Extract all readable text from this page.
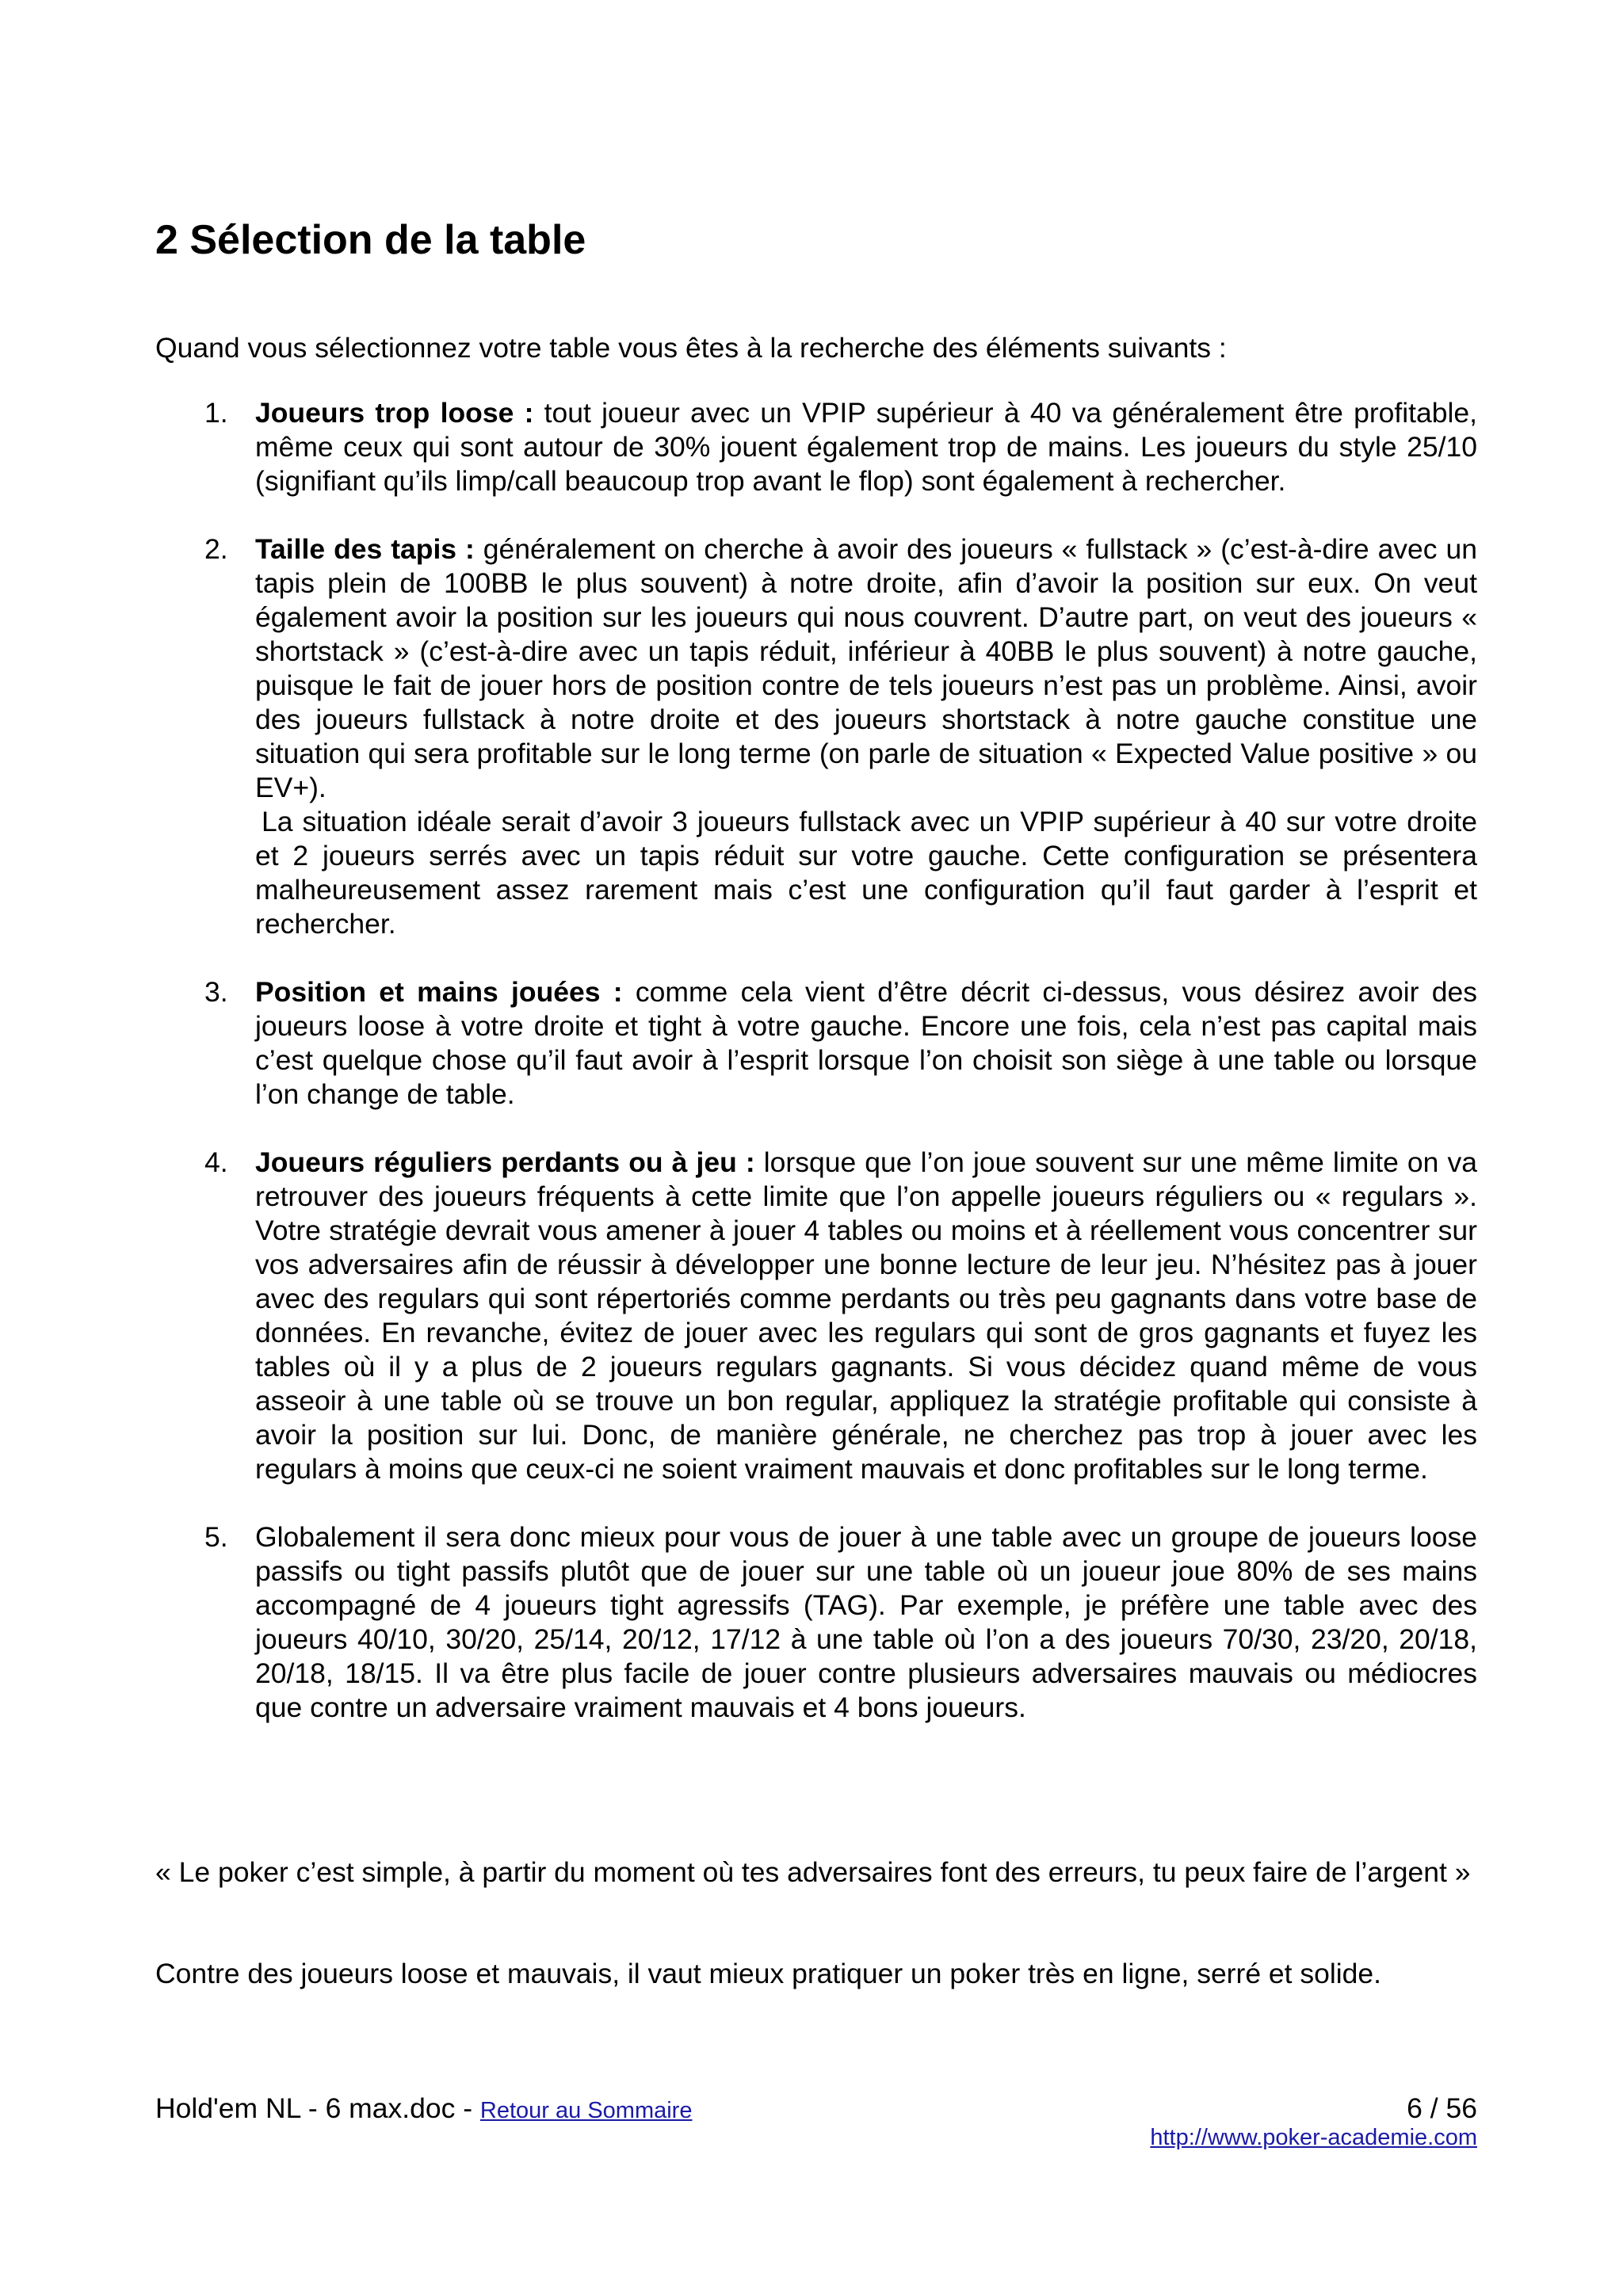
2 Sélection de la table

Quand vous sélectionnez votre table vous êtes à la recherche des éléments suivants :

1. Joueurs trop loose : tout joueur avec un VPIP supérieur à 40 va généralement être profitable, même ceux qui sont autour de 30% jouent également trop de mains. Les joueurs du style 25/10 (signifiant qu’ils limp/call beaucoup trop avant le flop) sont également à rechercher.
2. Taille des tapis : généralement on cherche à avoir des joueurs « fullstack » (c’est-à-dire avec un tapis plein de 100BB le plus souvent) à notre droite, afin d’avoir la position sur eux. On veut également avoir la position sur les joueurs qui nous couvrent. D’autre part, on veut des joueurs « shortstack » (c’est-à-dire avec un tapis réduit, inférieur à 40BB le plus souvent) à notre gauche, puisque le fait de jouer hors de position contre de tels joueurs n’est pas un problème. Ainsi, avoir des joueurs fullstack à notre droite et des joueurs shortstack à notre gauche constitue une situation qui sera profitable sur le long terme (on parle de situation « Expected Value positive » ou EV+).
La situation idéale serait d’avoir 3 joueurs fullstack avec un VPIP supérieur à 40 sur votre droite et 2 joueurs serrés avec un tapis réduit sur votre gauche. Cette configuration se présentera malheureusement assez rarement mais c’est une configuration qu’il faut garder à l’esprit et rechercher.
3. Position et mains jouées : comme cela vient d’être décrit ci-dessus, vous désirez avoir des joueurs loose à votre droite et tight à votre gauche. Encore une fois, cela n’est pas capital mais c’est quelque chose qu’il faut avoir à l’esprit lorsque l’on choisit son siège à une table ou lorsque l’on change de table.
4. Joueurs réguliers perdants ou à jeu : lorsque que l’on joue souvent sur une même limite on va retrouver des joueurs fréquents à cette limite que l’on appelle joueurs réguliers ou « regulars ». Votre stratégie devrait vous amener à jouer 4 tables ou moins et à réellement vous concentrer sur vos adversaires afin de réussir à développer une bonne lecture de leur jeu. N’hésitez pas à jouer avec des regulars qui sont répertoriés comme perdants ou très peu gagnants dans votre base de données. En revanche, évitez de jouer avec les regulars qui sont de gros gagnants et fuyez les tables où il y a plus de 2 joueurs regulars gagnants. Si vous décidez quand même de vous asseoir à une table où se trouve un bon regular, appliquez la stratégie profitable qui consiste à avoir la position sur lui. Donc, de manière générale, ne cherchez pas trop à jouer avec les regulars à moins que ceux-ci ne soient vraiment mauvais et donc profitables sur le long terme.
5. Globalement il sera donc mieux pour vous de jouer à une table avec un groupe de joueurs loose passifs ou tight passifs plutôt que de jouer sur une table où un joueur joue 80% de ses mains accompagné de 4 joueurs tight agressifs (TAG). Par exemple, je préfère une table avec des joueurs 40/10, 30/20, 25/14, 20/12, 17/12 à une table où l’on a des joueurs 70/30, 23/20, 20/18, 20/18, 18/15. Il va être plus facile de jouer contre plusieurs adversaires mauvais ou médiocres que contre un adversaire vraiment mauvais et 4 bons joueurs.

« Le poker c’est simple, à partir du moment où tes adversaires font des erreurs, tu peux faire de l’argent »

Contre des joueurs loose et mauvais, il vaut mieux pratiquer un poker très en ligne, serré et solide.

Hold'em NL - 6 max.doc - Retour au Sommaire	6 / 56
http://www.poker-academie.com
